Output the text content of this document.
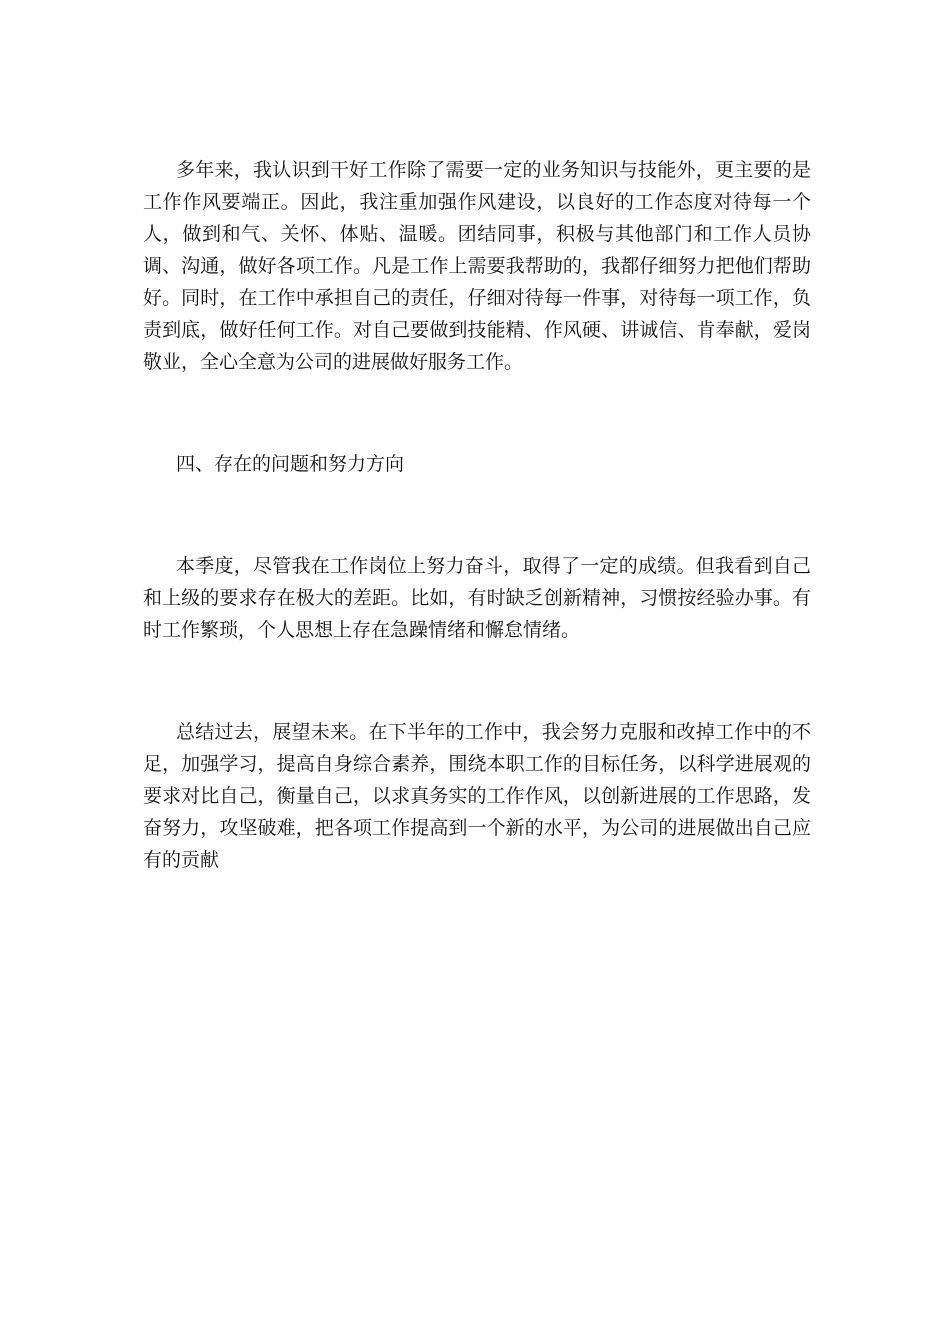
多年来，我认识到干好工作除了需要一定的业务知识与技能外，更主要的是工作作风要端正。因此，我注重加强作风建设，以良好的工作态度对待每一个人，做到和气、关怀、体贴、温暖。团结同事，积极与其他部门和工作人员协调、沟通，做好各项工作。凡是工作上需要我帮助的，我都仔细努力把他们帮助好。同时，在工作中承担自己的责任，仔细对待每一件事，对待每一项工作，负责到底，做好任何工作。对自己要做到技能精、作风硬、讲诚信、肯奉献，爱岗敬业，全心全意为公司的进展做好服务工作。

四、存在的问题和努力方向

本季度，尽管我在工作岗位上努力奋斗，取得了一定的成绩。但我看到自己和上级的要求存在极大的差距。比如，有时缺乏创新精神，习惯按经验办事。有时工作繁琐，个人思想上存在急躁情绪和懈怠情绪。

总结过去，展望未来。在下半年的工作中，我会努力克服和改掉工作中的不足，加强学习，提高自身综合素养，围绕本职工作的目标任务，以科学进展观的要求对比自己，衡量自己，以求真务实的工作作风，以创新进展的工作思路，发奋努力，攻坚破难，把各项工作提高到一个新的水平，为公司的进展做出自己应有的贡献
